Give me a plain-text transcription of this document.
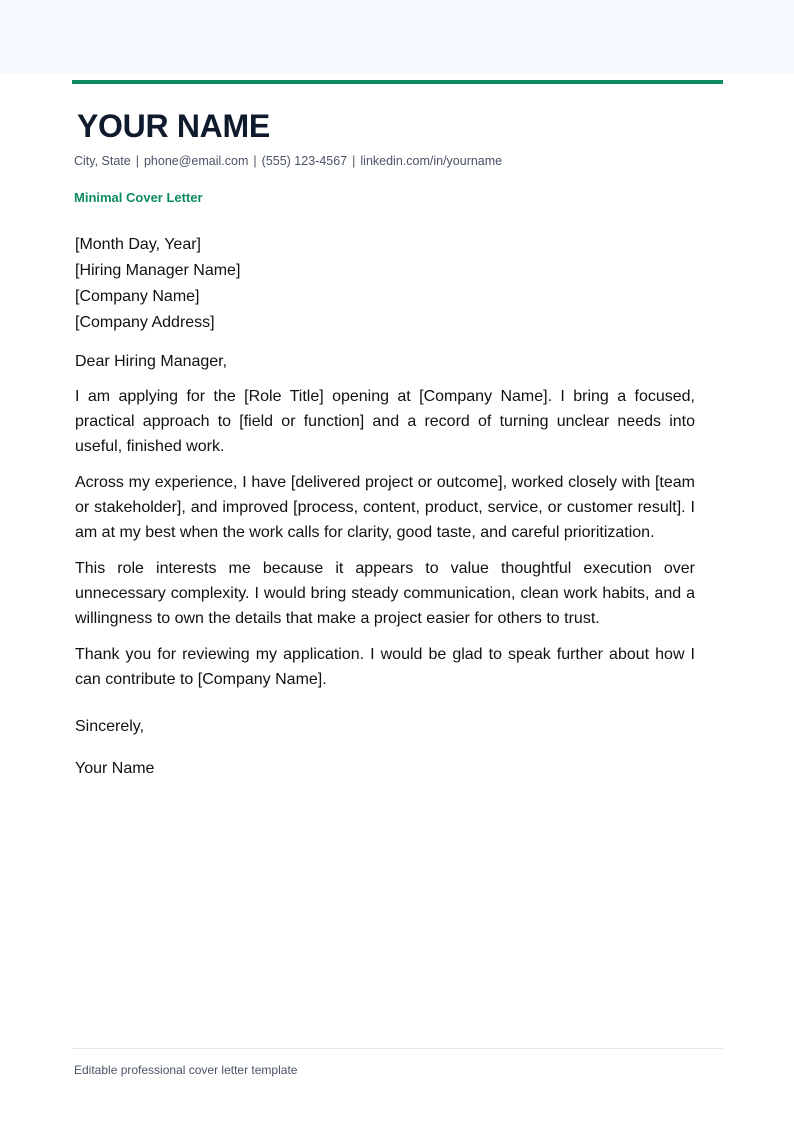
YOUR NAME
City, State | phone@email.com | (555) 123-4567 | linkedin.com/in/yourname
Minimal Cover Letter
[Month Day, Year]
[Hiring Manager Name]
[Company Name]
[Company Address]

Dear Hiring Manager,

I am applying for the [Role Title] opening at [Company Name]. I bring a focused, practical approach to [field or function] and a record of turning unclear needs into useful, finished work.

Across my experience, I have [delivered project or outcome], worked closely with [team or stakeholder], and improved [process, content, product, service, or customer result]. I am at my best when the work calls for clarity, good taste, and careful prioritization.

This role interests me because it appears to value thoughtful execution over unnecessary complexity. I would bring steady communication, clean work habits, and a willingness to own the details that make a project easier for others to trust.

Thank you for reviewing my application. I would be glad to speak further about how I can contribute to [Company Name].

Sincerely,

Your Name

Editable professional cover letter template
